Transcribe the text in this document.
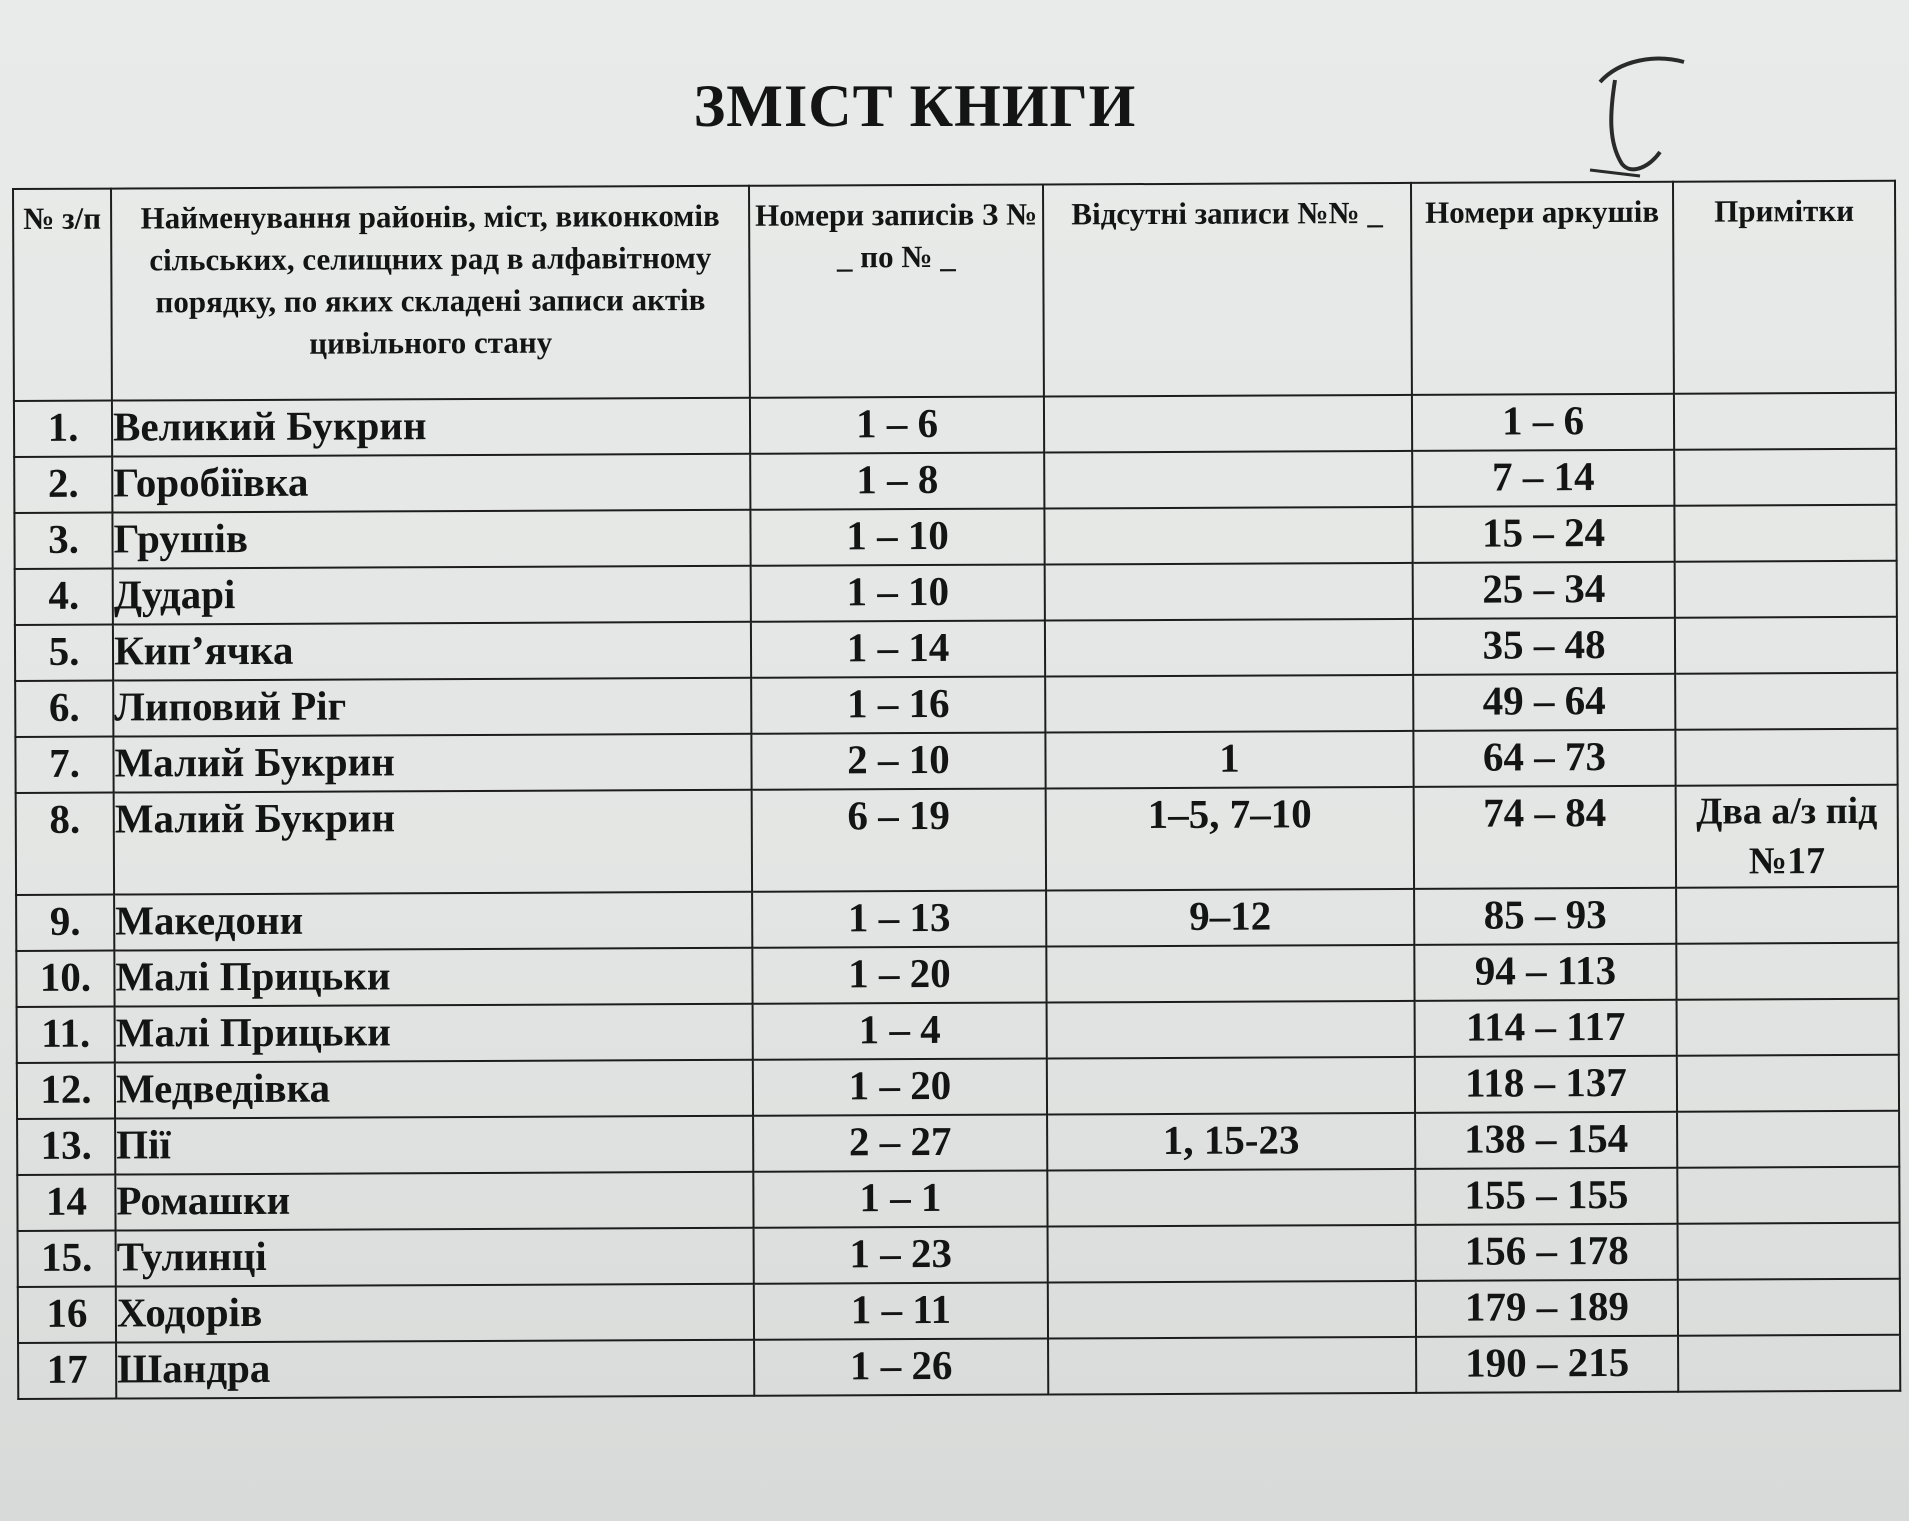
ЗМІСТ КНИГИ
№ з/п	Найменування районів, міст, виконкомів сільських, селищних рад в алфавітному порядку, по яких складені записи актів цивільного стану	Номери записів З № _ по № _	Відсутні записи №№ _	Номери аркушів	Примітки
1.	Великий Букрин	1 – 6		1 – 6	
2.	Горобіївка	1 – 8		7 – 14	
3.	Грушів	1 – 10		15 – 24	
4.	Дударі	1 – 10		25 – 34	
5.	Кип’ячка	1 – 14		35 – 48	
6.	Липовий Ріг	1 – 16		49 – 64	
7.	Малий Букрин	2 – 10	1	64 – 73	
8.	Малий Букрин	6 – 19	1–5, 7–10	74 – 84	Два а/з під №17
9.	Македони	1 – 13	9–12	85 – 93	
10.	Малі Прицьки	1 – 20		94 – 113	
11.	Малі Прицьки	1 – 4		114 – 117	
12.	Медведівка	1 – 20		118 – 137	
13.	Пії	2 – 27	1, 15-23	138 – 154	
14	Ромашки	1 – 1		155 – 155	
15.	Тулинці	1 – 23		156 – 178	
16	Ходорів	1 – 11		179 – 189	
17	Шандра	1 – 26		190 – 215	
